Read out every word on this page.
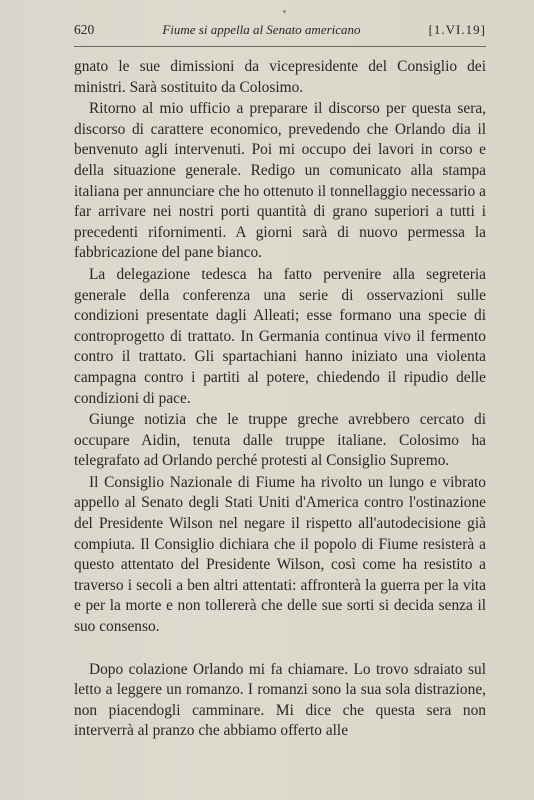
620	Fiume si appella al Senato americano	[1.VI.19]

gnato le sue dimissioni da vicepresidente del Consiglio dei ministri. Sarà sostituito da Colosimo.

Ritorno al mio ufficio a preparare il discorso per questa sera, discorso di carattere economico, prevedendo che Orlando dia il benvenuto agli intervenuti. Poi mi occupo dei lavori in corso e della situazione generale. Redigo un comunicato alla stampa italiana per annunciare che ho ottenuto il tonnellaggio necessario a far arrivare nei nostri porti quantità di grano superiori a tutti i precedenti rifornimenti. A giorni sarà di nuovo permessa la fabbricazione del pane bianco.

La delegazione tedesca ha fatto pervenire alla segreteria generale della conferenza una serie di osservazioni sulle condizioni presentate dagli Alleati; esse formano una specie di controprogetto di trattato. In Germania continua vivo il fermento contro il trattato. Gli spartachiani hanno iniziato una violenta campagna contro i partiti al potere, chiedendo il ripudio delle condizioni di pace.

Giunge notizia che le truppe greche avrebbero cercato di occupare Aidin, tenuta dalle truppe italiane. Colosimo ha telegrafato ad Orlando perché protesti al Consiglio Supremo.

Il Consiglio Nazionale di Fiume ha rivolto un lungo e vibrato appello al Senato degli Stati Uniti d'America contro l'ostinazione del Presidente Wilson nel negare il rispetto all'autodecisione già compiuta. Il Consiglio dichiara che il popolo di Fiume resisterà a questo attentato del Presidente Wilson, così come ha resistito a traverso i secoli a ben altri attentati: affronterà la guerra per la vita e per la morte e non tollererà che delle sue sorti si decida senza il suo consenso.

Dopo colazione Orlando mi fa chiamare. Lo trovo sdraiato sul letto a leggere un romanzo. I romanzi sono la sua sola distrazione, non piacendogli camminare. Mi dice che questa sera non interverrà al pranzo che abbiamo offerto alle
